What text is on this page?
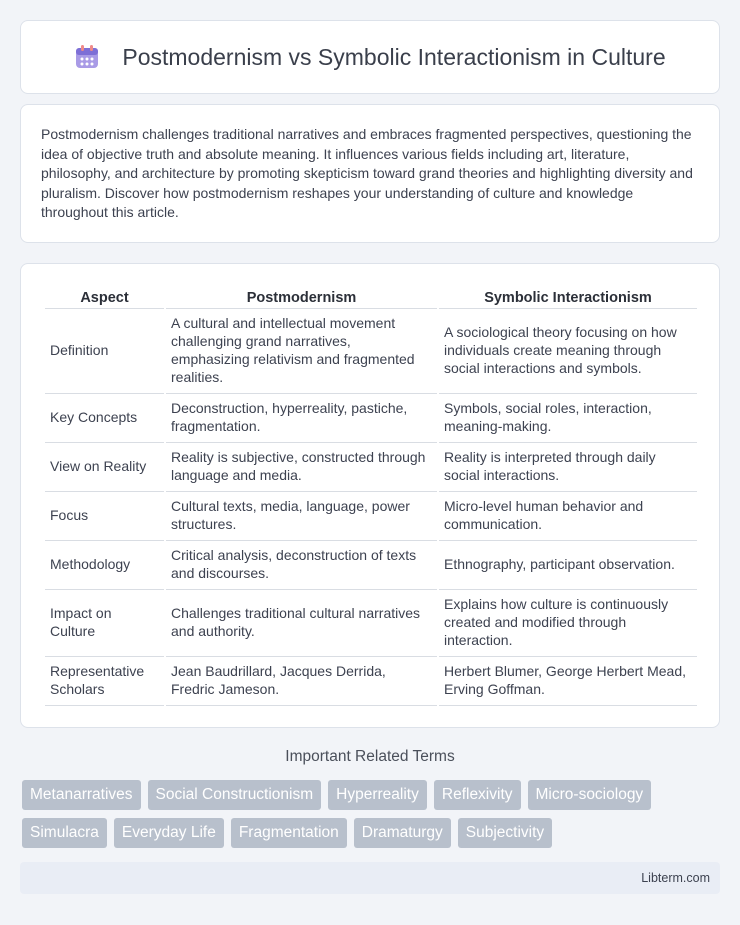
Postmodernism vs Symbolic Interactionism in Culture

Postmodernism challenges traditional narratives and embraces fragmented perspectives, questioning the idea of objective truth and absolute meaning. It influences various fields including art, literature, philosophy, and architecture by promoting skepticism toward grand theories and highlighting diversity and pluralism. Discover how postmodernism reshapes your understanding of culture and knowledge throughout this article.

Aspect	Postmodernism	Symbolic Interactionism
Definition	A cultural and intellectual movement challenging grand narratives, emphasizing relativism and fragmented realities.	A sociological theory focusing on how individuals create meaning through social interactions and symbols.
Key Concepts	Deconstruction, hyperreality, pastiche, fragmentation.	Symbols, social roles, interaction, meaning-making.
View on Reality	Reality is subjective, constructed through language and media.	Reality is interpreted through daily social interactions.
Focus	Cultural texts, media, language, power structures.	Micro-level human behavior and communication.
Methodology	Critical analysis, deconstruction of texts and discourses.	Ethnography, participant observation.
Impact on Culture	Challenges traditional cultural narratives and authority.	Explains how culture is continuously created and modified through interaction.
Representative Scholars	Jean Baudrillard, Jacques Derrida, Fredric Jameson.	Herbert Blumer, George Herbert Mead, Erving Goffman.
Important Related Terms
Metanarratives	Social Constructionism	Hyperreality	Reflexivity	Micro-sociology
Simulacra	Everyday Life	Fragmentation	Dramaturgy	Subjectivity
Libterm.com
